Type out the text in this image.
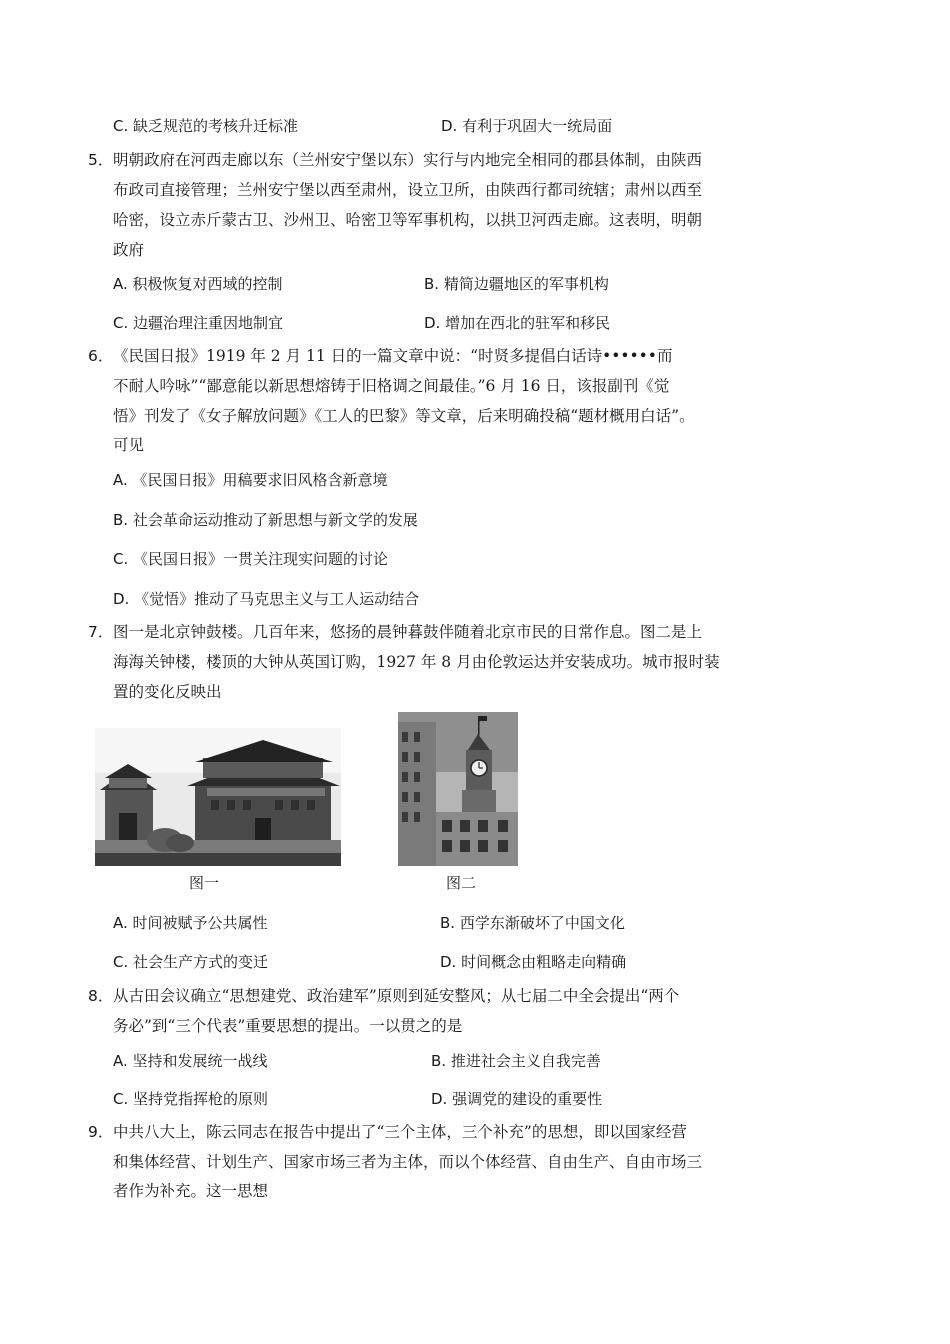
C. 缺乏规范的考核升迁标准	D. 有利于巩固大一统局面
5． 明朝政府在河西走廊以东（兰州安宁堡以东）实行与内地完全相同的郡县体制，由陕西
布政司直接管理；兰州安宁堡以西至肃州，设立卫所，由陕西行都司统辖；肃州以西至
哈密，设立赤斤蒙古卫、沙州卫、哈密卫等军事机构，以拱卫河西走廊。这表明，明朝
政府
A. 积极恢复对西域的控制	B. 精简边疆地区的军事机构
C. 边疆治理注重因地制宜	D. 增加在西北的驻军和移民
6． 《民国日报》1919 年 2 月 11 日的一篇文章中说：“时贤多提倡白话诗••••••而
不耐人吟咏”“鄙意能以新思想熔铸于旧格调之间最佳。”6 月 16 日，该报副刊《觉
悟》刊发了《女子解放问题》《工人的巴黎》等文章，后来明确投稿“题材概用白话”。
可见
A. 《民国日报》用稿要求旧风格含新意境
B. 社会革命运动推动了新思想与新文学的发展
C. 《民国日报》一贯关注现实问题的讨论
D. 《觉悟》推动了马克思主义与工人运动结合
7． 图一是北京钟鼓楼。几百年来，悠扬的晨钟暮鼓伴随着北京市民的日常作息。图二是上
海海关钟楼，楼顶的大钟从英国订购，1927 年 8 月由伦敦运达并安装成功。城市报时装
置的变化反映出
图一	图二
A. 时间被赋予公共属性	B. 西学东渐破坏了中国文化
C. 社会生产方式的变迁	D. 时间概念由粗略走向精确
8． 从古田会议确立“思想建党、政治建军”原则到延安整风；从七届二中全会提出“两个
务必”到“三个代表”重要思想的提出。一以贯之的是
A. 坚持和发展统一战线	B. 推进社会主义自我完善
C. 坚持党指挥枪的原则	D. 强调党的建设的重要性
9． 中共八大上，陈云同志在报告中提出了“三个主体，三个补充”的思想，即以国家经营
和集体经营、计划生产、国家市场三者为主体，而以个体经营、自由生产、自由市场三
者作为补充。这一思想
